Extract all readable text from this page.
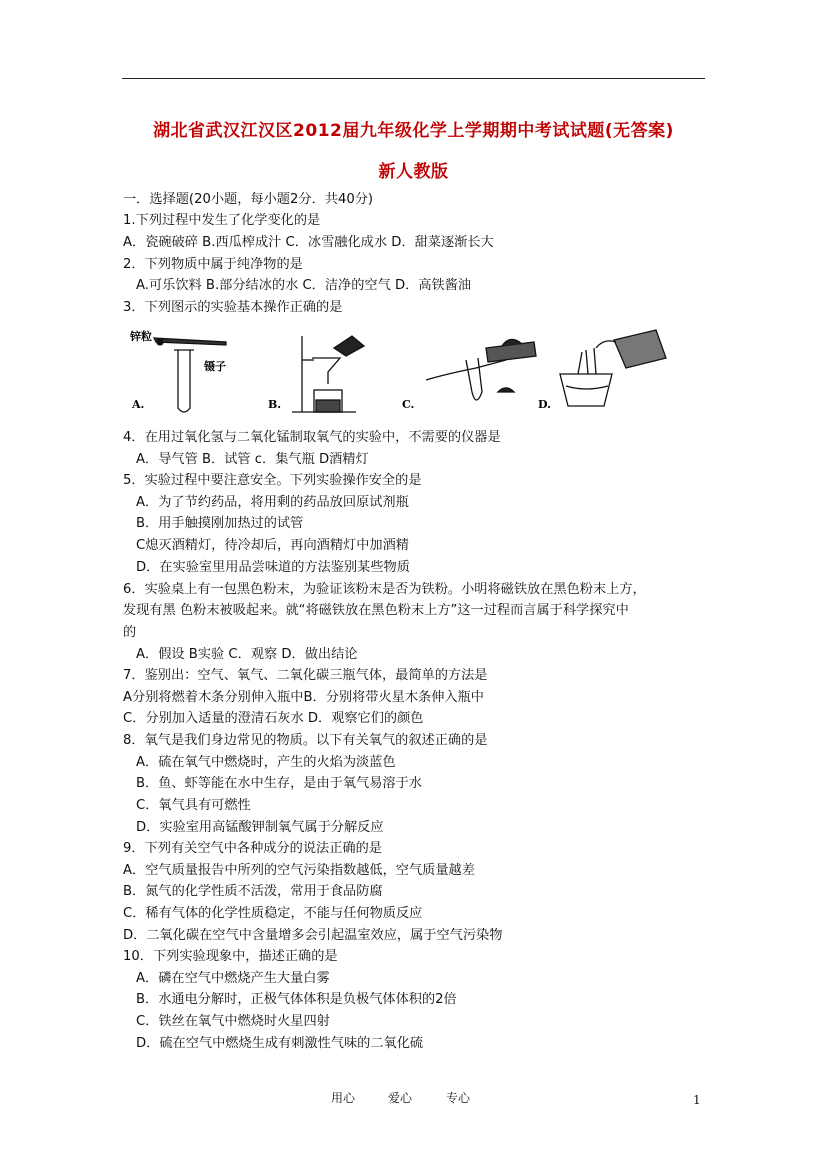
湖北省武汉江汉区2012届九年级化学上学期期中考试试题(无答案)
新人教版
一．选择题(20小题，每小题2分．共40分)
1.下列过程中发生了化学变化的是
A．瓷碗破碎 B.西瓜榨成汁 C．冰雪融化成水 D．甜菜逐渐长大
2．下列物质中属于纯净物的是
A.可乐饮料 B.部分结冰的水 C．洁净的空气 D．高铁酱油
3．下列图示的实验基本操作正确的是
锌粒
镊子
A.	B.	C.	D.
4．在用过氧化氢与二氧化锰制取氧气的实验中，不需要的仪器是
A．导气管 B．试管 c．集气瓶 D酒精灯
5．实验过程中要注意安全。下列实验操作安全的是
A．为了节约药品，将用剩的药品放回原试剂瓶
B．用手触摸刚加热过的试管
C熄灭酒精灯，待冷却后，再向酒精灯中加酒精
D．在实验室里用品尝味道的方法鉴别某些物质
6．实验桌上有一包黑色粉末，为验证该粉末是否为铁粉。小明将磁铁放在黑色粉末上方，
发现有黑 色粉末被吸起来。就“将磁铁放在黑色粉末上方”这一过程而言属于科学探究中
的
A．假设 B实验 C．观察 D．做出结论
7．鉴别出：空气、氧气、二氧化碳三瓶气体，最简单的方法是
A分别将燃着木条分别伸入瓶中B．分别将带火星木条伸入瓶中
C．分别加入适量的澄清石灰水 D．观察它们的颜色
8．氧气是我们身边常见的物质。以下有关氧气的叙述正确的是
A．硫在氧气中燃烧时，产生的火焰为淡蓝色
B．鱼、虾等能在水中生存，是由于氧气易溶于水
C．氧气具有可燃性
D．实验室用高锰酸钾制氧气属于分解反应
9．下列有关空气中各种成分的说法正确的是
A．空气质量报告中所列的空气污染指数越低，空气质量越差
B．氮气的化学性质不活泼，常用于食品防腐
C．稀有气体的化学性质稳定，不能与任何物质反应
D．二氧化碳在空气中含量增多会引起温室效应，属于空气污染物
10．下列实验现象中，描述正确的是
A．磷在空气中燃烧产生大量白雾
B．水通电分解时，正极气体体积是负极气体体积的2倍
C．铁丝在氧气中燃烧时火星四射
D．硫在空气中燃烧生成有刺激性气味的二氧化硫
用心	爱心	专心	1
